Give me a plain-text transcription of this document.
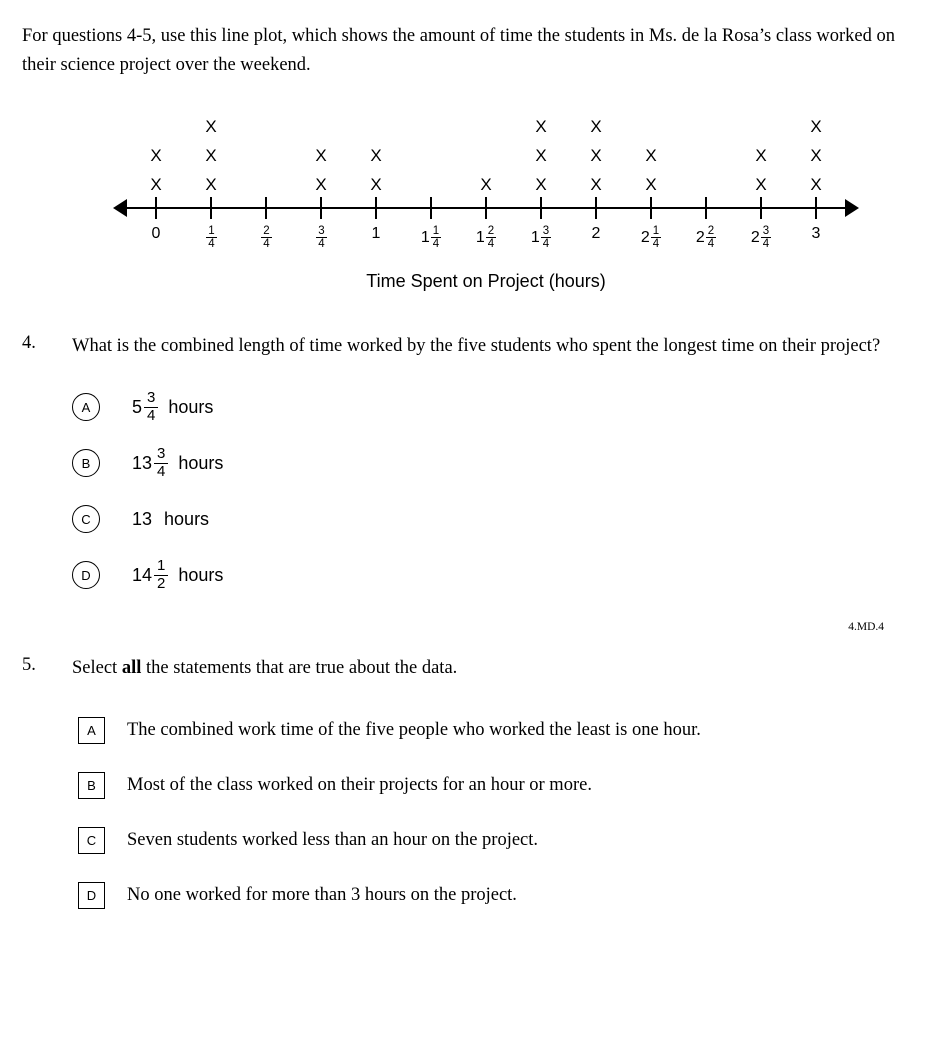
For questions 4-5, use this line plot, which shows the amount of time the students in Ms. de la Rosa’s class worked on their science project over the weekend.

X
X
X
X
X
X
X
X
X	X
X
X
X
X
X
X
X
X
X
X
X
X
X
0	$\frac{1}{4}$	$\frac{2}{4}$	$\frac{3}{4}$	1	$1 \frac{1}{4}$	$1 \frac{2}{4}$	$1 \frac{3}{4}$	2	$2 \frac{1}{4}$	$2 \frac{2}{4}$	$2 \frac{3}{4}$	3
Time Spent on Project (hours)
4. What is the combined length of time worked by the five students who spent the longest time on their project?
A	$5 \frac{3}{4}$ hours
B	$13 \frac{3}{4}$ hours
C	13 hours
D	$14 \frac{1}{2}$ hours
4.MD.4
5. Select all the statements that are true about the data.
A	The combined work time of the five people who worked the least is one hour.
B	Most of the class worked on their projects for an hour or more.
C	Seven students worked less than an hour on the project.
D	No one worked for more than 3 hours on the project.
